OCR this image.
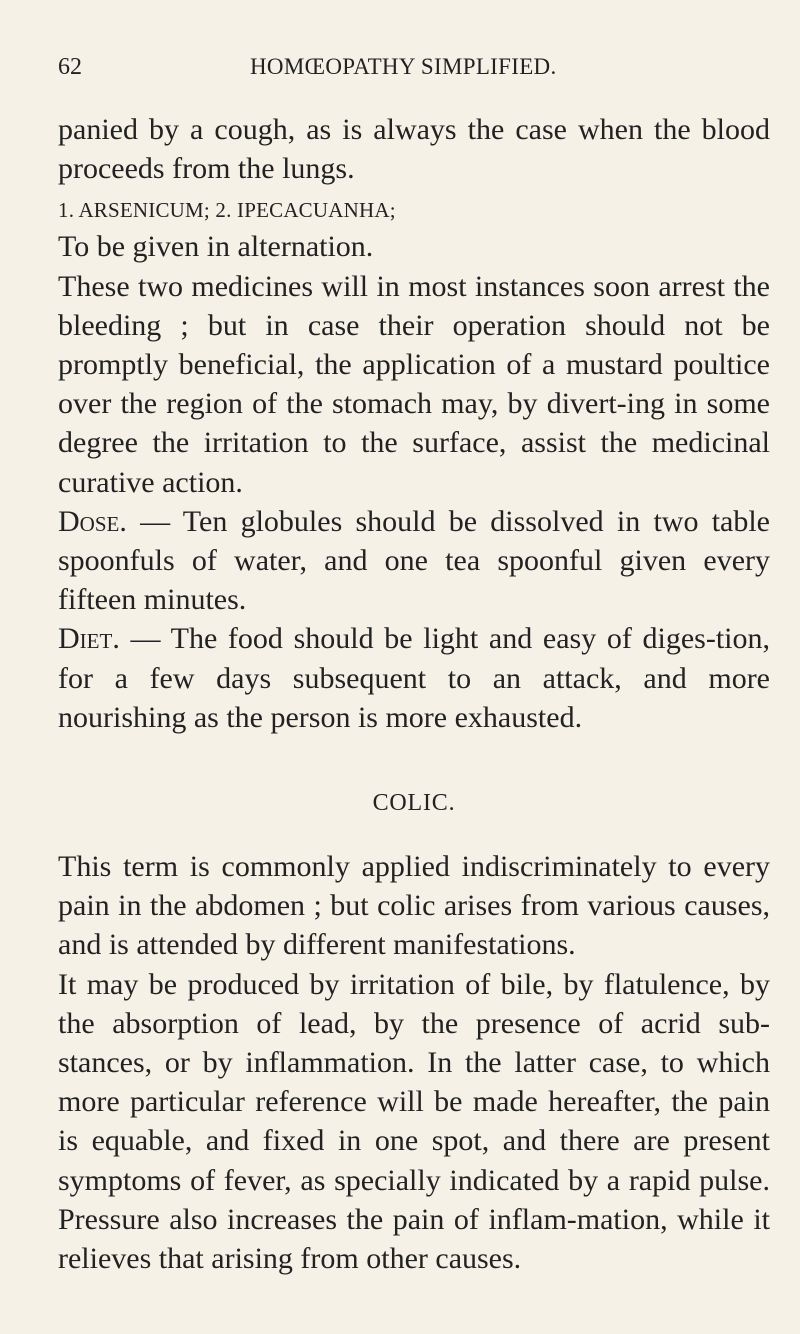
62	HOMŒOPATHY SIMPLIFIED.

panied by a cough, as is always the case when the blood proceeds from the lungs.

1. ARSENICUM; 2. IPECACUANHA;

To be given in alternation.

These two medicines will in most instances soon arrest the bleeding ; but in case their operation should not be promptly beneficial, the application of a mustard poultice over the region of the stomach may, by divert-ing in some degree the irritation to the surface, assist the medicinal curative action.

Dose. — Ten globules should be dissolved in two table spoonfuls of water, and one tea spoonful given every fifteen minutes.

Diet. — The food should be light and easy of diges-tion, for a few days subsequent to an attack, and more nourishing as the person is more exhausted.

COLIC.

This term is commonly applied indiscriminately to every pain in the abdomen ; but colic arises from various causes, and is attended by different manifestations.

It may be produced by irritation of bile, by flatulence, by the absorption of lead, by the presence of acrid sub-stances, or by inflammation. In the latter case, to which more particular reference will be made hereafter, the pain is equable, and fixed in one spot, and there are present symptoms of fever, as specially indicated by a rapid pulse. Pressure also increases the pain of inflam-mation, while it relieves that arising from other causes.
